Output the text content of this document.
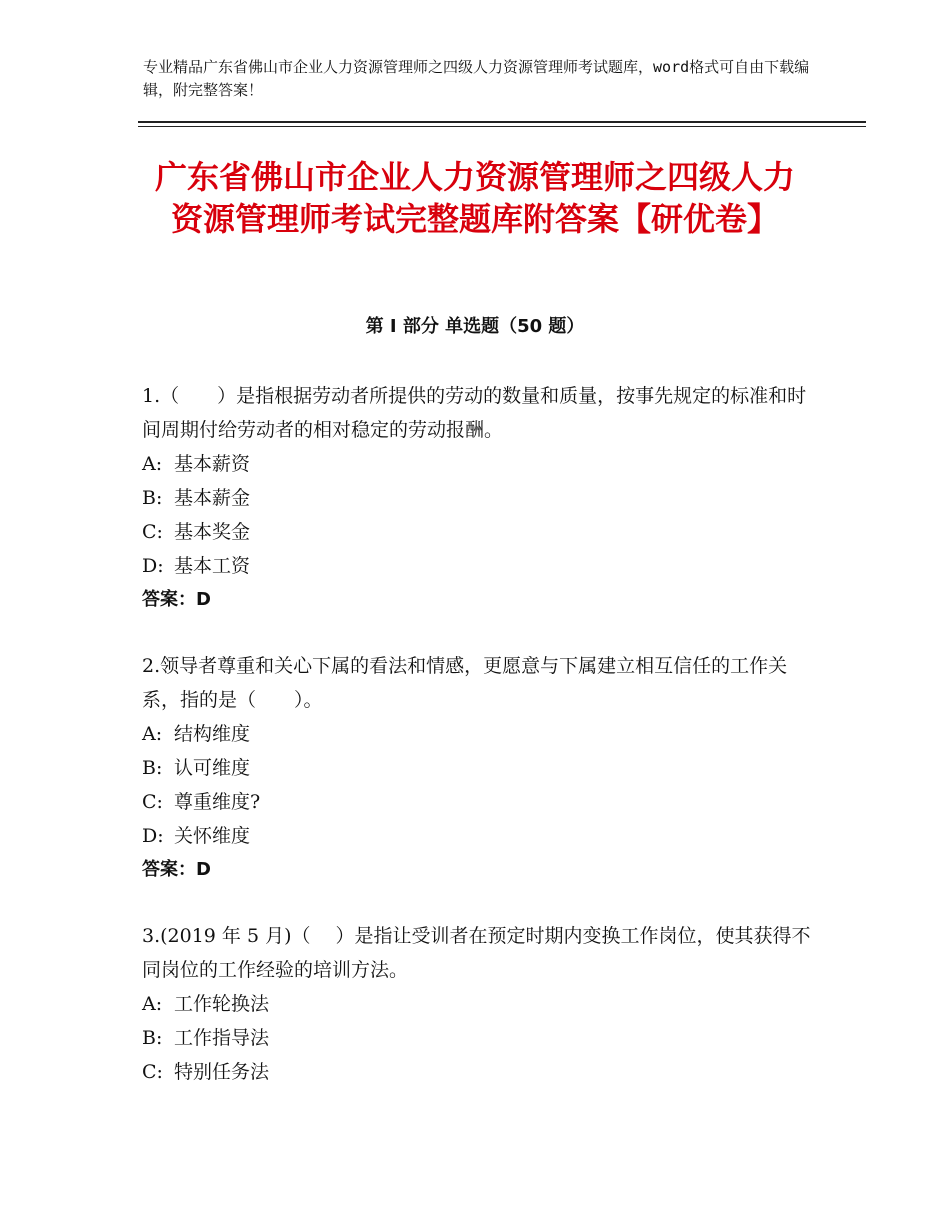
专业精品广东省佛山市企业人力资源管理师之四级人力资源管理师考试题库，word格式可自由下载编辑，附完整答案！
广东省佛山市企业人力资源管理师之四级人力资源管理师考试完整题库附答案【研优卷】
第 I 部分 单选题（50 题）
1.（　　）是指根据劳动者所提供的劳动的数量和质量，按事先规定的标准和时间周期付给劳动者的相对稳定的劳动报酬。
A: 基本薪资
B: 基本薪金
C: 基本奖金
D: 基本工资
答案：D
2.领导者尊重和关心下属的看法和情感，更愿意与下属建立相互信任的工作关系，指的是（　　）。
A: 结构维度
B: 认可维度
C: 尊重维度?
D: 关怀维度
答案：D
3.(2019 年 5 月)（　 ）是指让受训者在预定时期内变换工作岗位，使其获得不同岗位的工作经验的培训方法。
A: 工作轮换法
B: 工作指导法
C: 特别任务法
